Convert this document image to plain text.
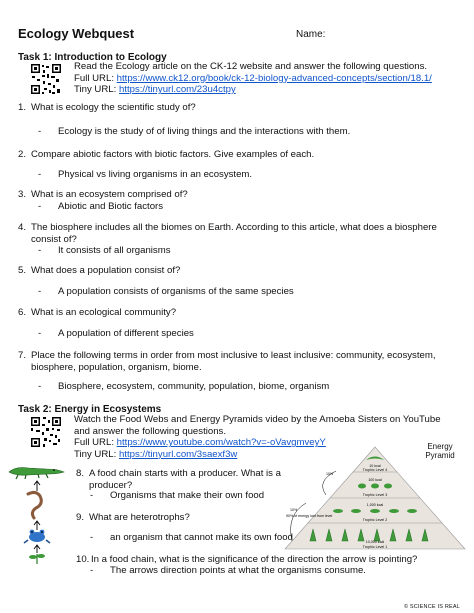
Ecology Webquest	Name:
Task 1: Introduction to Ecology
Read the Ecology article on the CK-12 website and answer the following questions.
Full URL: https://www.ck12.org/book/ck-12-biology-advanced-concepts/section/18.1/
Tiny URL: https://tinyurl.com/23u4ctpy
1. What is ecology the scientific study of?
- Ecology is the study of of living things and the interactions with them.
2. Compare abiotic factors with biotic factors. Give examples of each.
- Physical vs living organisms in an ecosystem.
3. What is an ecosystem comprised of?
- Abiotic and Biotic factors
4. The biosphere includes all the biomes on Earth. According to this article, what does a biosphere
consist of?
- It consists of all organisms
5. What does a population consist of?
- A population consists of organisms of the same species
6. What is an ecological community?
- A population of different species
7. Place the following terms in order from most inclusive to least inclusive: community, ecosystem,
biosphere, population, organism, biome.
- Biosphere, ecosystem, community, population, biome, organism
Task 2: Energy in Ecosystems
Watch the Food Webs and Energy Pyramids video by the Amoeba Sisters on YouTube
and answer the following questions.
Full URL: https://www.youtube.com/watch?v=-oVavgmveyY
Tiny URL: https://tinyurl.com/3saexf3w
8. A food chain starts with a producer. What is a producer?
- Organisms that make their own food
9. What are heterotrophs?
- an organism that cannot make its own food
10. In a food chain, what is the significance of the direction the arrow is pointing?
- The arrows direction points at what the organisms consume.
Energy
Pyramid
10 kcal
Trophic Level 4
100 kcal
Trophic Level 3
1,000 kcal
Trophic Level 2
10,000 kcal
Trophic Level 1
10%
10%
90% of energy lost from level
© SCIENCE IS REAL
